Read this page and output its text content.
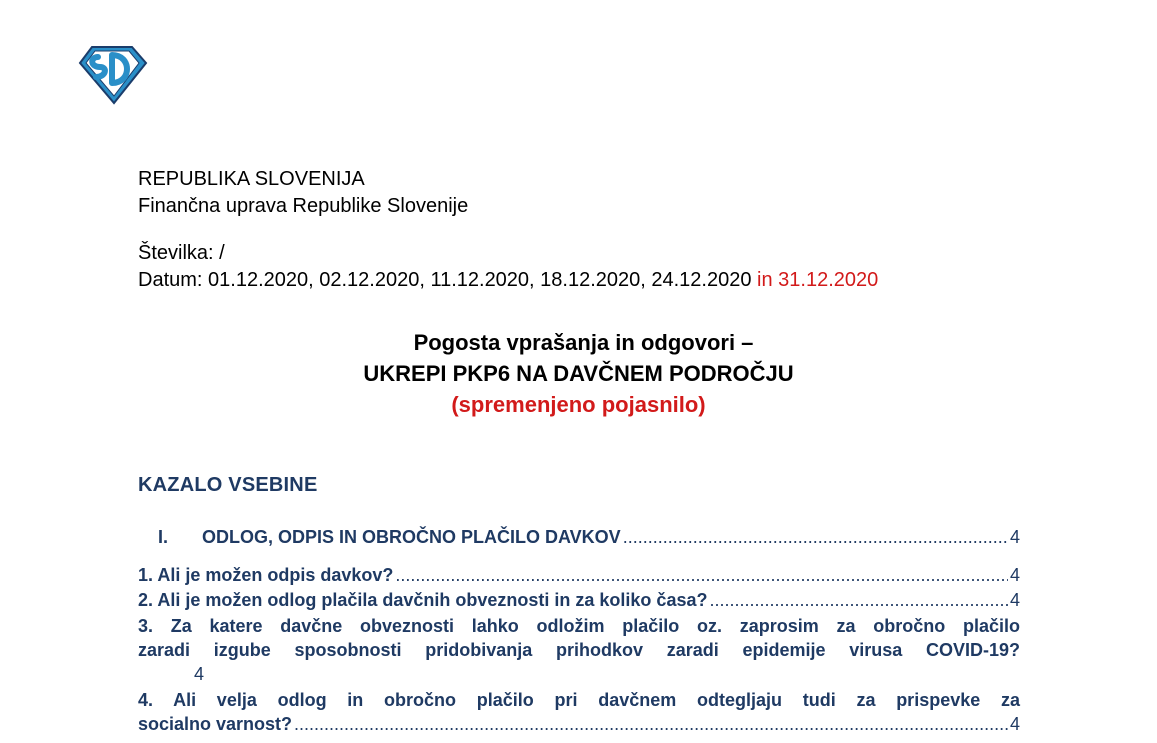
REPUBLIKA SLOVENIJA
Finančna uprava Republike Slovenije
Številka: /
Datum: 01.12.2020, 02.12.2020, 11.12.2020, 18.12.2020, 24.12.2020 in 31.12.2020
Pogosta vprašanja in odgovori –
UKREPI PKP6 NA DAVČNEM PODROČJU
(spremenjeno pojasnilo)
KAZALO VSEBINE
I.	ODLOG, ODPIS IN OBROČNO PLAČILO DAVKOV .....	4
1. Ali je možen odpis davkov? .....	4
2. Ali je možen odlog plačila davčnih obveznosti in za koliko časa? .....	4
3. Za katere davčne obveznosti lahko odložim plačilo oz. zaprosim za obročno plačilo
zaradi izgube sposobnosti pridobivanja prihodkov zaradi epidemije virusa COVID-19?
4
4. Ali velja odlog in obročno plačilo pri davčnem odtegljaju tudi za prispevke za
socialno varnost? .....	4
